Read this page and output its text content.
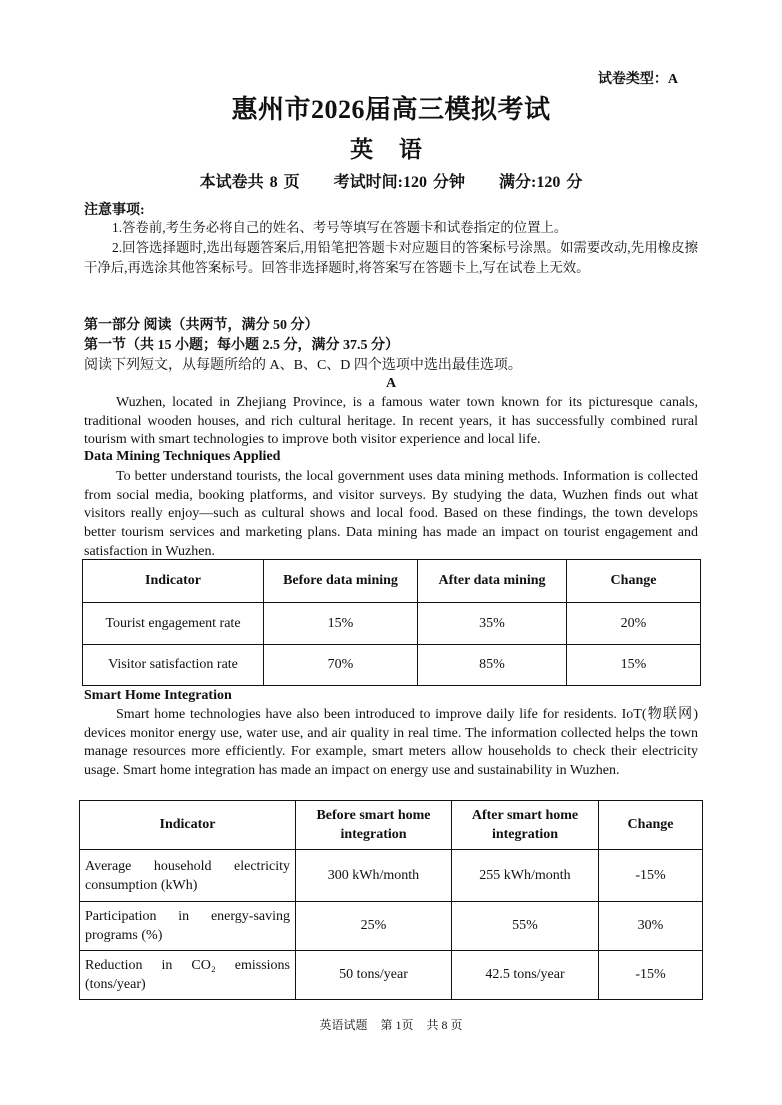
试卷类型：A
惠州市2026届高三模拟考试
英 语
本试卷共 8 页 考试时间:120 分钟 满分:120 分
注意事项:
1.答卷前,考生务必将自己的姓名、考号等填写在答题卡和试卷指定的位置上。
2.回答选择题时,选出每题答案后,用铅笔把答题卡对应题目的答案标号涂黑。如需要改动,先用橡皮擦干净后,再选涂其他答案标号。回答非选择题时,将答案写在答题卡上,写在试卷上无效。
第一部分 阅读（共两节，满分 50 分）
第一节（共 15 小题；每小题 2.5 分，满分 37.5 分）
阅读下列短文，从每题所给的 A、B、C、D 四个选项中选出最佳选项。
A
Wuzhen, located in Zhejiang Province, is a famous water town known for its picturesque canals, traditional wooden houses, and rich cultural heritage. In recent years, it has successfully combined rural tourism with smart technologies to improve both visitor experience and local life.
Data Mining Techniques Applied
To better understand tourists, the local government uses data mining methods. Information is collected from social media, booking platforms, and visitor surveys. By studying the data, Wuzhen finds out what visitors really enjoy—such as cultural shows and local food. Based on these findings, the town develops better tourism services and marketing plans. Data mining has made an impact on tourist engagement and satisfaction in Wuzhen.
Indicator	Before data mining	After data mining	Change
Tourist engagement rate	15%	35%	20%
Visitor satisfaction rate	70%	85%	15%
Smart Home Integration
Smart home technologies have also been introduced to improve daily life for residents. IoT(物联网) devices monitor energy use, water use, and air quality in real time. The information collected helps the town manage resources more efficiently. For example, smart meters allow households to check their electricity usage. Smart home integration has made an impact on energy use and sustainability in Wuzhen.
Indicator	Before smart home integration	After smart home integration	Change
Average household electricity consumption (kWh)	300 kWh/month	255 kWh/month	-15%
Participation in energy-saving programs (%)	25%	55%	30%
Reduction in CO₂ emissions (tons/year)	50 tons/year	42.5 tons/year	-15%
英语试题 第 1页 共 8 页
